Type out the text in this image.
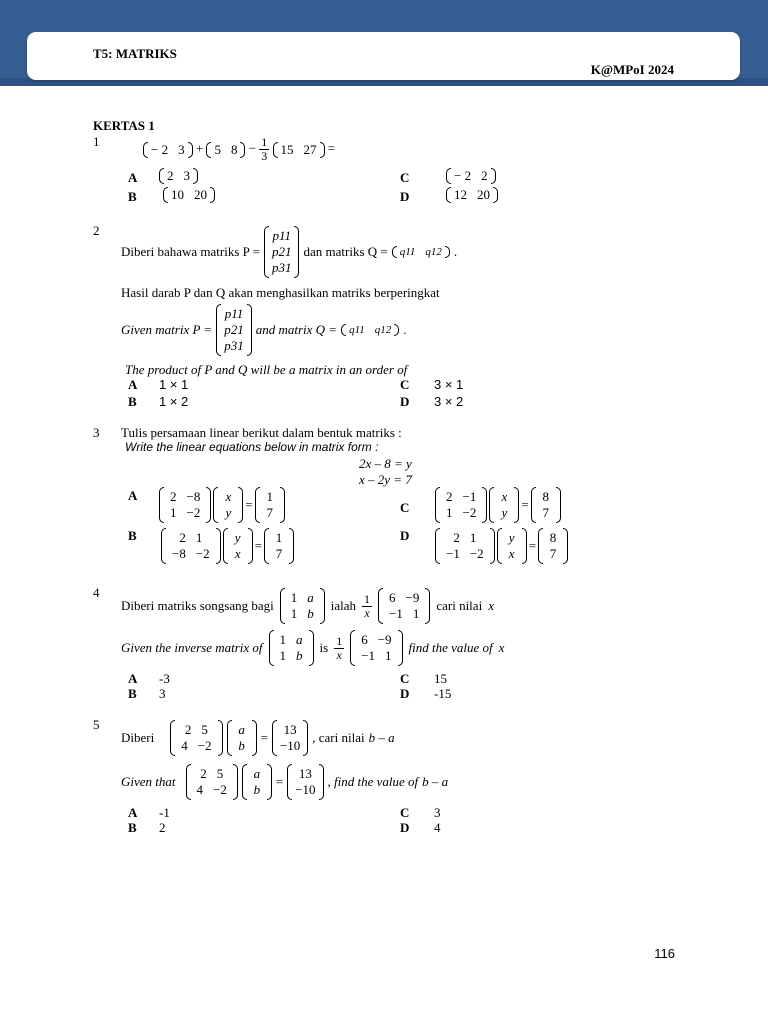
T5: MATRIKS
K@MPoI 2024
KERTAS 1
1	− 2 3 + 5 $8 - \frac{1}{3}$
15 27 =
A 2 3	C	− 2 2
B	10 20	D	12 20
2
Diberi bahawa matriks P =
p11
p21
p31
dan matriks Q = q11 q12 .
Hasil darab P dan Q akan menghasilkan matriks berperingkat
Given matrix P =
p11
p21
p31
and matrix Q = q11 q12 .
The product of P and Q will be a matrix in an order of
A 1 × 1	C 3 × 1
B 1 × 2	D 3 × 2
3 Tulis persamaan linear berikut dalam bentuk matriks :
Write the linear equations below in matrix form :
2x – 8 = y
x – 2y = 7
A	2 −8
1 −2
x
y
=
1
7	C
2 −1
1 −2
x
y
=
8
7
B	2 1
−8 −2
y
x
=
1
7
D	2 1
−1 −2
y
x
=
8
7
4
Diberi matriks songsang bagi
1 a
1 b
ialah $\frac{1}{x} 6 -9$
−1 1
cari nilai x
Given the inverse matrix of
1 a
1 b
is $\frac{1}{x} 6 -9$
−1 1
find the value of x
A -3	C 15
B 3	D -15
5
Diberi
2 5
4 −2
a
b
=
13
−10
, cari nilai b – a
Given that
2 5
4 −2
a
b
=
13
−10
, find the value of b – a
A -1	C 3
B 2	D 4
116
